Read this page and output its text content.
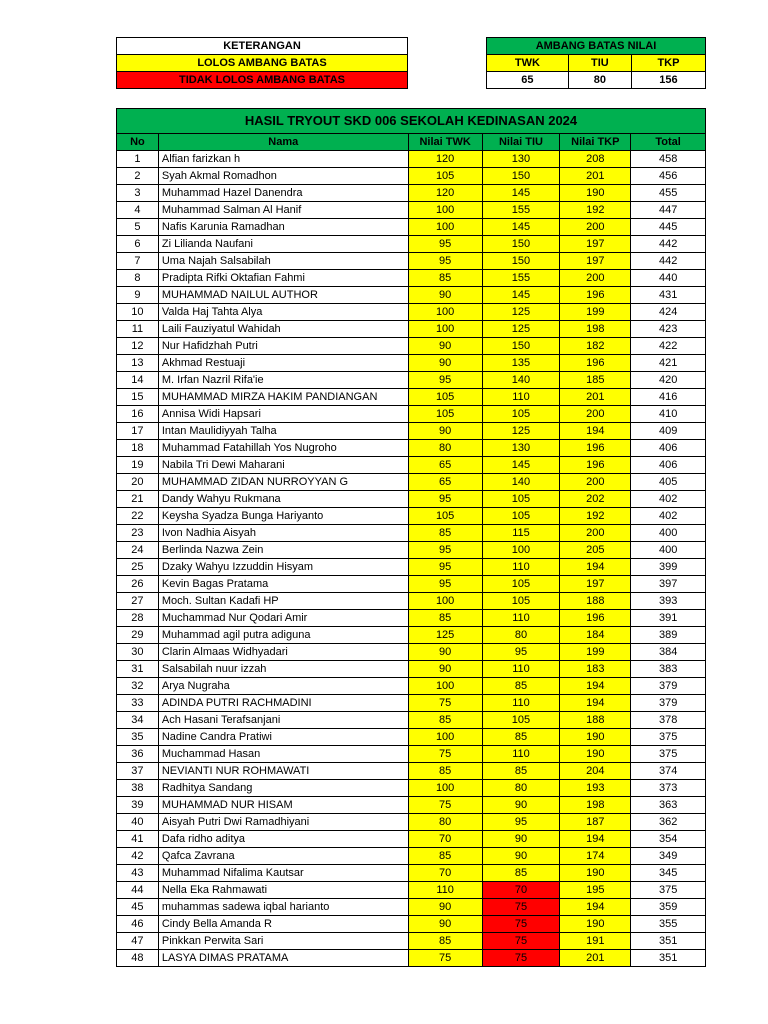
KETERANGAN
LOLOS AMBANG BATAS
TIDAK LOLOS AMBANG BATAS
AMBANG BATAS NILAI		
TWK	TIU	TKP
65	80	156
HASIL TRYOUT SKD 006 SEKOLAH KEDINASAN 2024					
No	Nama	Nilai TWK	Nilai TIU	Nilai TKP	Total
1	Alfian farizkan h	120	130	208	458
2	Syah Akmal Romadhon	105	150	201	456
3	Muhammad Hazel Danendra	120	145	190	455
4	Muhammad Salman Al Hanif	100	155	192	447
5	Nafis Karunia Ramadhan	100	145	200	445
6	Zi Lilianda Naufani	95	150	197	442
7	Uma Najah Salsabilah	95	150	197	442
8	Pradipta Rifki Oktafian Fahmi	85	155	200	440
9	MUHAMMAD NAILUL AUTHOR	90	145	196	431
10	Valda Haj Tahta Alya	100	125	199	424
11	Laili Fauziyatul Wahidah	100	125	198	423
12	Nur Hafidzhah Putri	90	150	182	422
13	Akhmad Restuaji	90	135	196	421
14	M. Irfan Nazril Rifa'ie	95	140	185	420
15	MUHAMMAD MIRZA HAKIM PANDIANGAN	105	110	201	416
16	Annisa Widi Hapsari	105	105	200	410
17	Intan Maulidiyyah Talha	90	125	194	409
18	Muhammad Fatahillah Yos Nugroho	80	130	196	406
19	Nabila Tri Dewi Maharani	65	145	196	406
20	MUHAMMAD ZIDAN NURROYYAN G	65	140	200	405
21	Dandy Wahyu Rukmana	95	105	202	402
22	Keysha Syadza Bunga Hariyanto	105	105	192	402
23	Ivon Nadhia Aisyah	85	115	200	400
24	Berlinda Nazwa Zein	95	100	205	400
25	Dzaky Wahyu Izzuddin Hisyam	95	110	194	399
26	Kevin Bagas Pratama	95	105	197	397
27	Moch. Sultan Kadafi HP	100	105	188	393
28	Muchammad Nur Qodari Amir	85	110	196	391
29	Muhammad agil putra adiguna	125	80	184	389
30	Clarin Almaas Widhyadari	90	95	199	384
31	Salsabilah nuur izzah	90	110	183	383
32	Arya Nugraha	100	85	194	379
33	ADINDA PUTRI RACHMADINI	75	110	194	379
34	Ach Hasani Terafsanjani	85	105	188	378
35	Nadine Candra Pratiwi	100	85	190	375
36	Muchammad Hasan	75	110	190	375
37	NEVIANTI NUR ROHMAWATI	85	85	204	374
38	Radhitya Sandang	100	80	193	373
39	MUHAMMAD NUR HISAM	75	90	198	363
40	Aisyah Putri Dwi Ramadhiyani	80	95	187	362
41	Dafa ridho aditya	70	90	194	354
42	Qafca Zavrana	85	90	174	349
43	Muhammad Nifalima Kautsar	70	85	190	345
44	Nella Eka Rahmawati	110	70	195	375
45	muhammas sadewa iqbal harianto	90	75	194	359
46	Cindy Bella Amanda R	90	75	190	355
47	Pinkkan Perwita Sari	85	75	191	351
48	LASYA DIMAS PRATAMA	75	75	201	351
